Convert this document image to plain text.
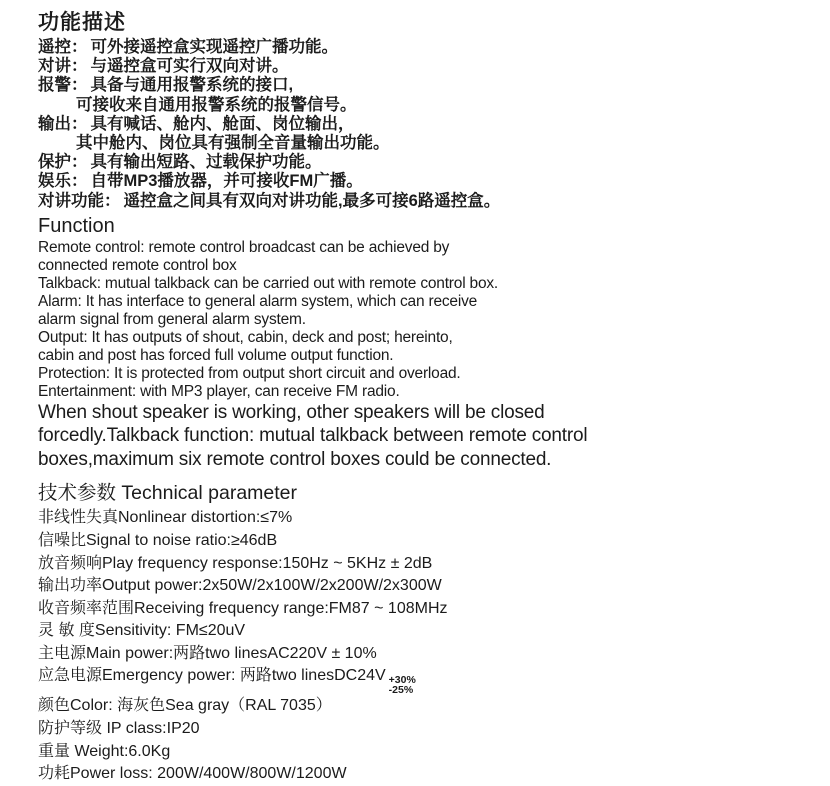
功能描述
遥控： 可外接遥控盒实现遥控广播功能。
对讲： 与遥控盒可实行双向对讲。
报警： 具备与通用报警系统的接口,
可接收来自通用报警系统的报警信号。
输出： 具有喊话、舱内、舱面、岗位输出，
其中舱内、岗位具有强制全音量输出功能。
保护： 具有输出短路、过载保护功能。
娱乐： 自带MP3播放器，并可接收FM广播。
对讲功能： 遥控盒之间具有双向对讲功能,最多可接6路遥控盒。
Function
Remote control: remote control broadcast can be achieved by
connected remote control box
Talkback: mutual talkback can be carried out with remote control box.
Alarm: It has interface to general alarm system, which can receive
alarm signal from general alarm system.
Output: It has outputs of shout, cabin, deck and post; hereinto,
cabin and post has forced full volume output function.
Protection: It is protected from output short circuit and overload.
Entertainment: with MP3 player, can receive FM radio.
When shout speaker is working, other speakers will be closed
forcedly.Talkback function: mutual talkback between remote control
boxes,maximum six remote control boxes could be connected.
技术参数 Technical parameter
非线性失真Nonlinear distortion:≤7%
信噪比Signal to noise ratio:≥46dB
放音频响Play frequency response:150Hz ~ 5KHz ± 2dB
输出功率Output power:2x50W/2x100W/2x200W/2x300W
收音频率范围Receiving frequency range:FM87 ~ 108MHz
灵 敏 度Sensitivity: FM≤20uV
主电源Main power:两路two linesAC220V ± 10%
应急电源Emergency power: 两路two linesDC24V +30%
-25%
颜色Color: 海灰色Sea gray（RAL 7035）
防护等级 IP class:IP20
重量 Weight:6.0Kg
功耗Power loss: 200W/400W/800W/1200W
